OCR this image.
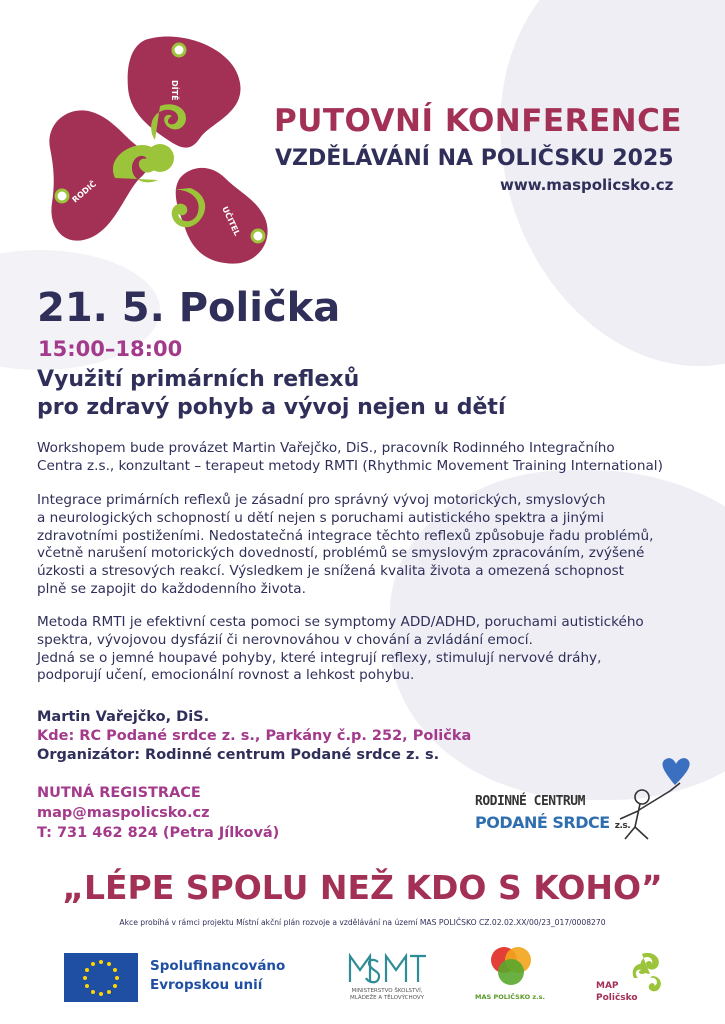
DÍTĚ
RODIČ
UČITEL
PUTOVNÍ KONFERENCE
VZDĚLÁVÁNÍ NA POLIČSKU 2025
www.maspolicsko.cz
21. 5. Polička
15:00–18:00
Využití primárních reflexů
pro zdravý pohyb a vývoj nejen u dětí
Workshopem bude provázet Martin Vařejčko, DiS., pracovník Rodinného Integračního
Centra z.s., konzultant – terapeut metody RMTI (Rhythmic Movement Training International)
Integrace primárních reflexů je zásadní pro správný vývoj motorických, smyslových
a neurologických schopností u dětí nejen s poruchami autistického spektra a jinými
zdravotními postiženími. Nedostatečná integrace těchto reflexů způsobuje řadu problémů,
včetně narušení motorických dovedností, problémů se smyslovým zpracováním, zvýšené
úzkosti a stresových reakcí. Výsledkem je snížená kvalita života a omezená schopnost
plně se zapojit do každodenního života.
Metoda RMTI je efektivní cesta pomoci se symptomy ADD/ADHD, poruchami autistického
spektra, vývojovou dysfázií či nerovnováhou v chování a zvládání emocí.
Jedná se o jemné houpavé pohyby, které integrují reflexy, stimulují nervové dráhy,
podporují učení, emocionální rovnost a lehkost pohybu.
Martin Vařejčko, DiS.
Kde: RC Podané srdce z. s., Parkány č.p. 252, Polička
Organizátor: Rodinné centrum Podané srdce z. s.
NUTNÁ REGISTRACE
map@maspolicsko.cz
T: 731 462 824 (Petra Jílková)
RODINNÉ CENTRUM
PODANÉ SRDCE z.s.
„LÉPE SPOLU NEŽ KDO S KOHO”
Akce probíhá v rámci projektu Místní akční plán rozvoje a vzdělávání na území MAS POLIČSKO CZ.02.02.XX/00/23_017/0008270
Spolufinancováno
Evropskou unií	MINISTERSTVO ŠKOLSTVÍ,
MLÁDEŽE A TĚLOVÝCHOVY	MAS POLIČSKO z.s.
MAP
Poličsko
